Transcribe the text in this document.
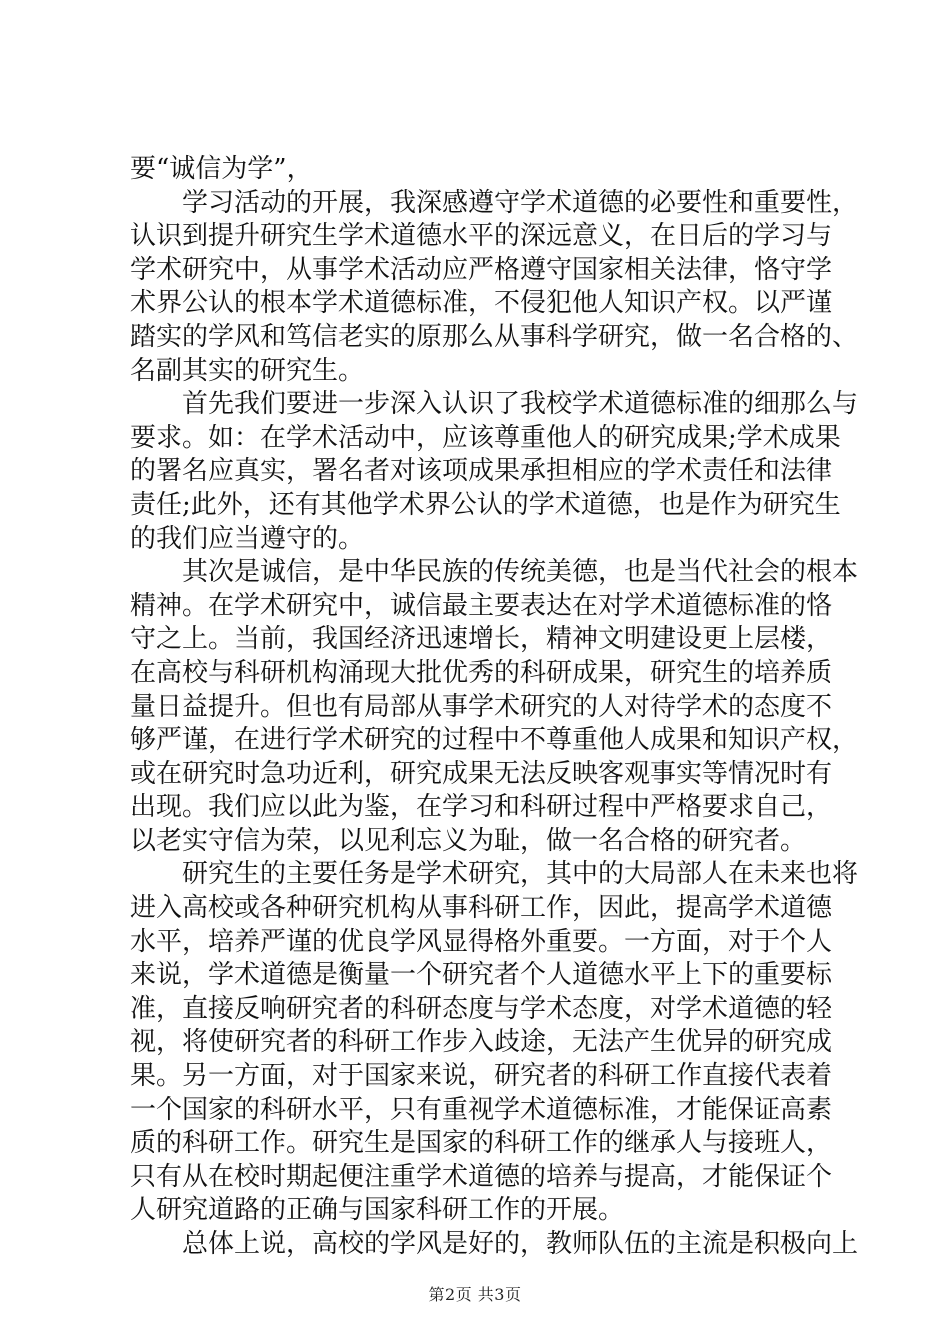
要“诚信为学”，
学习活动的开展，我深感遵守学术道德的必要性和重要性，
认识到提升研究生学术道德水平的深远意义，在日后的学习与
学术研究中，从事学术活动应严格遵守国家相关法律，恪守学
术界公认的根本学术道德标准，不侵犯他人知识产权。以严谨
踏实的学风和笃信老实的原那么从事科学研究，做一名合格的、
名副其实的研究生。
首先我们要进一步深入认识了我校学术道德标准的细那么与
要求。如：在学术活动中，应该尊重他人的研究成果;学术成果
的署名应真实，署名者对该项成果承担相应的学术责任和法律
责任;此外，还有其他学术界公认的学术道德，也是作为研究生
的我们应当遵守的。
其次是诚信，是中华民族的传统美德，也是当代社会的根本
精神。在学术研究中，诚信最主要表达在对学术道德标准的恪
守之上。当前，我国经济迅速增长，精神文明建设更上层楼，
在高校与科研机构涌现大批优秀的科研成果，研究生的培养质
量日益提升。但也有局部从事学术研究的人对待学术的态度不
够严谨，在进行学术研究的过程中不尊重他人成果和知识产权，
或在研究时急功近利，研究成果无法反映客观事实等情况时有
出现。我们应以此为鉴，在学习和科研过程中严格要求自己，
以老实守信为荣，以见利忘义为耻，做一名合格的研究者。
研究生的主要任务是学术研究，其中的大局部人在未来也将
进入高校或各种研究机构从事科研工作，因此，提高学术道德
水平，培养严谨的优良学风显得格外重要。一方面，对于个人
来说，学术道德是衡量一个研究者个人道德水平上下的重要标
准，直接反响研究者的科研态度与学术态度，对学术道德的轻
视，将使研究者的科研工作步入歧途，无法产生优异的研究成
果。另一方面，对于国家来说，研究者的科研工作直接代表着
一个国家的科研水平，只有重视学术道德标准，才能保证高素
质的科研工作。研究生是国家的科研工作的继承人与接班人，
只有从在校时期起便注重学术道德的培养与提高，才能保证个
人研究道路的正确与国家科研工作的开展。
总体上说，高校的学风是好的，教师队伍的主流是积极向上
第2页 共3页
